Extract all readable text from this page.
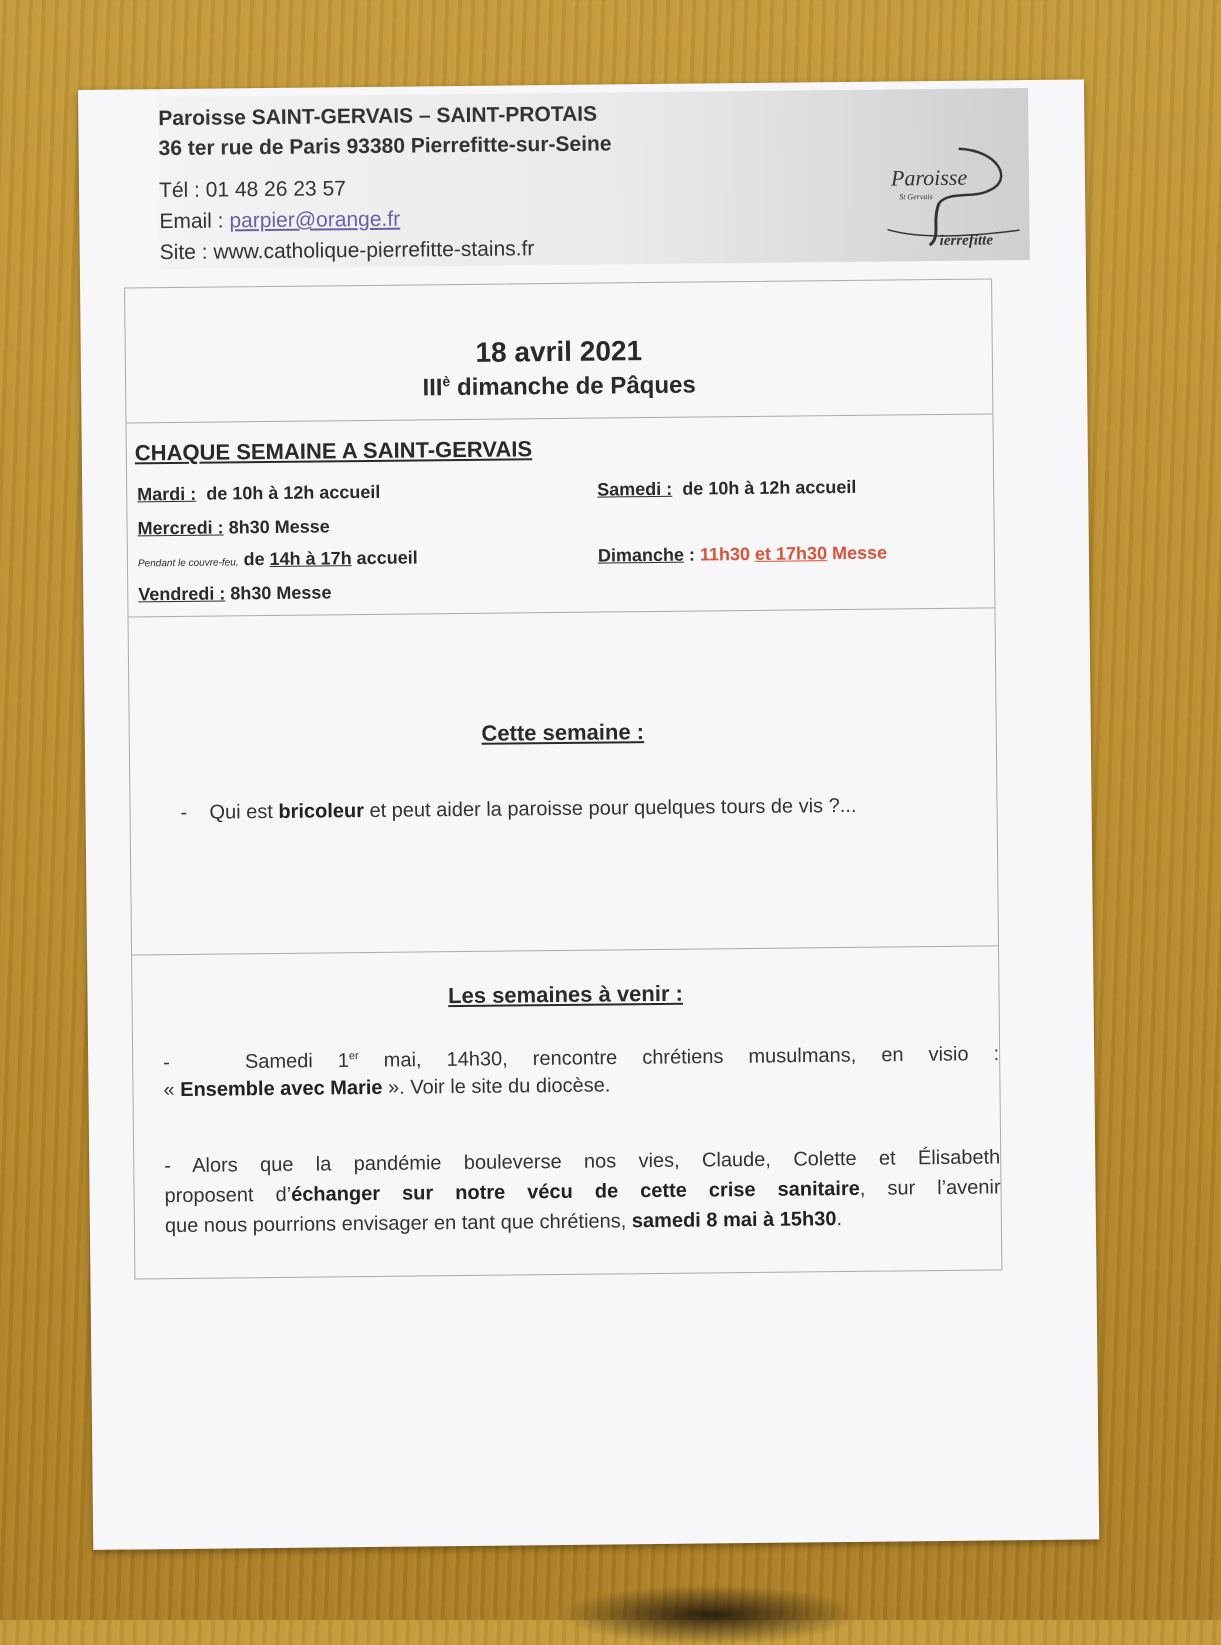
Paroisse SAINT-GERVAIS – SAINT-PROTAIS
36 ter rue de Paris 93380 Pierrefitte-sur-Seine
Tél : 01 48 26 23 57
Email : parpier@orange.fr
Site : www.catholique-pierrefitte-stains.fr
Paroisse
St Gervais
ierrefitte
18 avril 2021
$III^è$ dimanche de Pâques
CHAQUE SEMAINE A SAINT-GERVAIS
Mardi : de 10h à 12h accueil
Mercredi : 8h30 Messe
Pendant le couvre-feu, de 14h à 17h accueil
Vendredi : 8h30 Messe
Samedi : de 10h à 12h accueil
Dimanche : 11h30 et 17h30 Messe
Cette semaine :
-    Qui est bricoleur et peut aider la paroisse pour quelques tours de vis ?...
Les semaines à venir :
-   Samedi 1er mai, 14h30, rencontre chrétiens musulmans, en visio :
« Ensemble avec Marie ». Voir le site du diocèse.
- Alors que la pandémie bouleverse nos vies, Claude, Colette et Élisabeth
proposent d’échanger sur notre vécu de cette crise sanitaire, sur l’avenir
que nous pourrions envisager en tant que chrétiens, samedi 8 mai à 15h30.
